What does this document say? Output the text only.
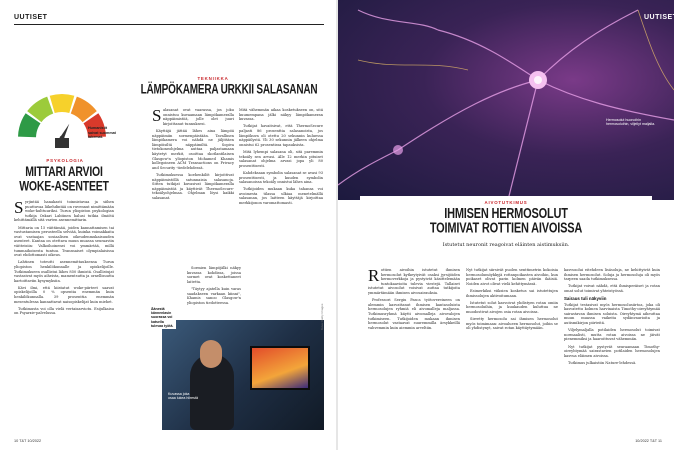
UUTISET
Humanistit saivat suommat lukemat.
PSYKOLOGIA
MITTARI ARVIOI
WOKE-ASENTEET

Syrjintää hanakasti toinnistavaa ja siihen puuttuvaa liikehdintää on ruvennut nimittämään woke-kulttuuriksi. Turun yliopiston psykologian tutkija Oskari Lahtinen halusi tutkia ilmiötä kehittämällä sitä varten asennemittarin.

Mittaria on 15 väittämää, joiden kannattamisen tai vastustamisen perusteella selviää, kuinka voimakkaita ovat vastaajan sosiaalisen oikeudenmukaisuuden asenteet. Kantaa on otettava muun muassa seuraaviin väitteisiin: Valkoihoinenei voi ymmärtää, millä tummaihoisesta tuntuu. Transnaiset olympialaisissa ovat ehdottomasti oikeus.

Lahtinen toteutti asennemittauksensa Turun yliopiston henkilökunnalle ja opiskelijoille. Tutkimukseen osallistui lähes 850 ihmistä. Osallistujat vastasivat myös aiheista, mamentsutta ja ornellisuutta kartoittaviin kysymyksiin.

Kävi ilmi, että kiistatut woke-piirteet saavat opiskelijoilla 0 % opsentia enemmän kuin henkilökunnalla. 39 prosenttia enemmän mesentulessa kannattavat naisopiskelijat kuin miehet.

Tutkimusta voi olla vielä vertaisarviotu. Esijulkaisu on Psyarxiv-palvelussa.

TEKNIIKKA
LÄMPÖKAMERA URKKII SALASANAN

Salasanat ovat vaarassa, jos joku onnistuu kuvaamaan lämpökameralla näppäimistöä, jolle olet juuri kirjoittanut tunnuksesi.

Käyttäjä jättää lähes aina lämpöä näppäimiin sormenpäistään. Tavallinen lämpökamera voi nähdä ne jäljittäen lämpöisiltä näppäimiltä. Sopiva tietokoneohjelma auttaa paljastamaan käytetyt merkit, osoittaa skotlantilaisen Glasgow'n yliopiston Mohamed Khamis kollegoineen ACM Transactions on Privacy and Security -tiedelehdessä.

Tutkimuksessa koehenkilöt kirjoittivat näppäimistöllä satunnaisia salasanoja. Sitten tutkijat kuvasivat lämpökameralla näppäimistöä ja käyttivät ThermoSecure-tekoälyohjelmaa. Ohjelman löysi kaikki salasanat.

Mitä vähemmän aikaa kosketukseen on, sitä kuumempana jälki näkyy lämpökameran kuvassa.

Tutkijat havaitsivat, että ThermoSecure paljasti 86 prosenttia salasanoista, jos lämpökuva oli otettu 20 sekunnin kuluessa näppäilystä. Yli 30 sekunnin jälkeen ohjelma onnistui 62 prosentissa tapauksista.

Mitä lyhempi salasana oli, sitä paremmin tekoäly sen arvasi. Alle 12 merkin pituiset salasanat ohjelma arvasi jopa yli 80 prosenttisesti.

Kahdeksaan symbolin salasanat se avasi 93 prosenttisesti, ja kuuden symbolin salasanoissa tekoäly onnistui lähes aina.

Tutkijoiden mukaan kuka tahansa voi avoimesta tilassa ulkiaa menetelmällä salasanan, jos laitteen käyttäjä kirjoittaa merkkijonon varomattomasti.

Sormien lämpöjälki näkyy kuvassa kohdissa, joissa sormet ovat koskettaneet laitetta.

"Täytyy ajatella kuin varas saadakseen varkaan kiinni", Khamis sanoo Glasgow'n yliopiston tiedotteessa.

Kuvassa joka osaa lukea hiirestä
Äänestä kännenlasin suorassa voi katsella tulevaa työtä.
10 T&T 10/2022
UUTISET
Hermosolut huonoihin hermosoluihin, viljellyt maljalla.
Kuva: Getty Images
AIVOTUTKIMUS
IHMISEN HERMOSOLUT
TOIMIVAT ROTTIEN AIVOISSA
Istutetut neuronit reagoivat eläinten aistimuksiin.

Rottien aivoihin istutetut ihmisen hermosolut kytkeytyivät osaksi jyrsijöiden hermoverkkoja ja pystyivät käsittelemään tuntokaavioita tulevia viestejä. Tallaiset istutetut aivosolut voisivat auttaa tutkijoita ymmärtämään ihmisen aivosairauksia.

Professori Sergiu Pasca työtovereineen on alemmin kasvattanut ihmisen kantasoluista hermosolujen ryhmiä eli aivomalleja maljassa. Tutkimusryhmä käytti aivomalleja aivovalojen tutkimiseen. Tutkijoiden mukaan ihmisen hermosolut vastaavat suuremmilla ärsykkeillä vahvemmin kuin aiemmin arveltiin.

Nyt tutkijat siirsivät puolen senttimetrin kokoisia hermosolumöykkyjä rottanpoikasten aivoihin, kun poikaset olivat parin kolmen päivän ikäisiä. Noiden aivot olivat vielä kehittymässä.

Esimerkiksi viiksien kosketus sai istutettujen ihmissolujen aktivoitumaan.

Istutetut solut kasvoivat yhdistyen rotan omiin hermosoluihin, ja kuukauden kuluttua ne muodostivat aivojen osia rotan aivoissa.

Sirretty hermosolu sai ihmisen hermosolut myös toimimaan: aivoalueen hermosolut, joihin se oli yhdistynyt, saivat rotan käyttäytymään.

kasvusolui eitehdeen lisäsoluja, ne kehittyivät kuin ihmisen hermosolut. Soluja ja hermosoluja oli myös tarpeen saada tutkimuksessa.

Tutkijat voivat nähdä, että ihmisperäiset ja rotan omat solut toimivat yhteistyössä.

Sairaus tuli näkyviin

Tutkijat testasivat myös hermosolusiirtoa, joka oli kasvatettu kolmen harvinaista Timothy-oireyhtymää sairastavan ihmisen soluista. Oireyhtymä aiheuttaa muun muassa vaikeita sydänvaurioita ja autismikirjon piirteitä.

Viljelymaljalla potilaiden hermosolut toimivat normaalisti, mutta rotan aivoissa ne jäivät pienemmiksi ja haaroittuvat vähemmän.

Nyt tutkijat pystyvät seuraamaan Timothy-oireyhtymää sairastavien potilaiden hermosolujen kasvua eläimen aivoissa.

Tutkimus julkaistiin Nature-lehdessä.

10/2022 T&T 11
